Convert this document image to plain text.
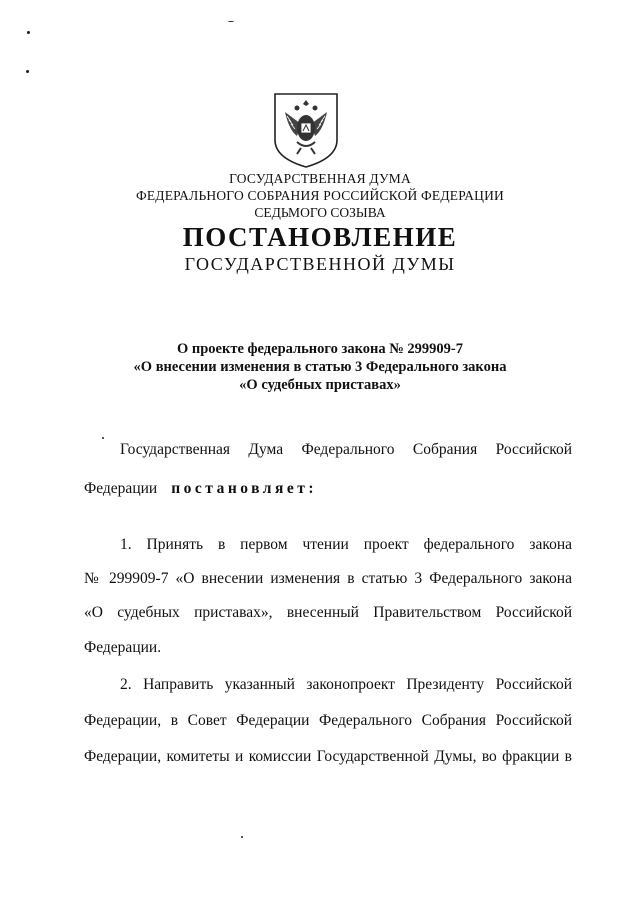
ГОСУДАРСТВЕННАЯ ДУМА
ФЕДЕРАЛЬНОГО СОБРАНИЯ РОССИЙСКОЙ ФЕДЕРАЦИИ
СЕДЬМОГО СОЗЫВА
ПОСТАНОВЛЕНИЕ
ГОСУДАРСТВЕННОЙ ДУМЫ
О проекте федерального закона № 299909-7
«О внесении изменения в статью 3 Федерального закона
«О судебных приставах»
Государственная Дума Федерального Собрания Российской
Федерации постановляет:
1. Принять в первом чтении проект федерального закона
№ 299909-7 «О внесении изменения в статью 3 Федерального закона
«О судебных приставах», внесенный Правительством Российской
Федерации.
2. Направить указанный законопроект Президенту Российской
Федерации, в Совет Федерации Федерального Собрания Российской
Федерации, комитеты и комиссии Государственной Думы, во фракции в
